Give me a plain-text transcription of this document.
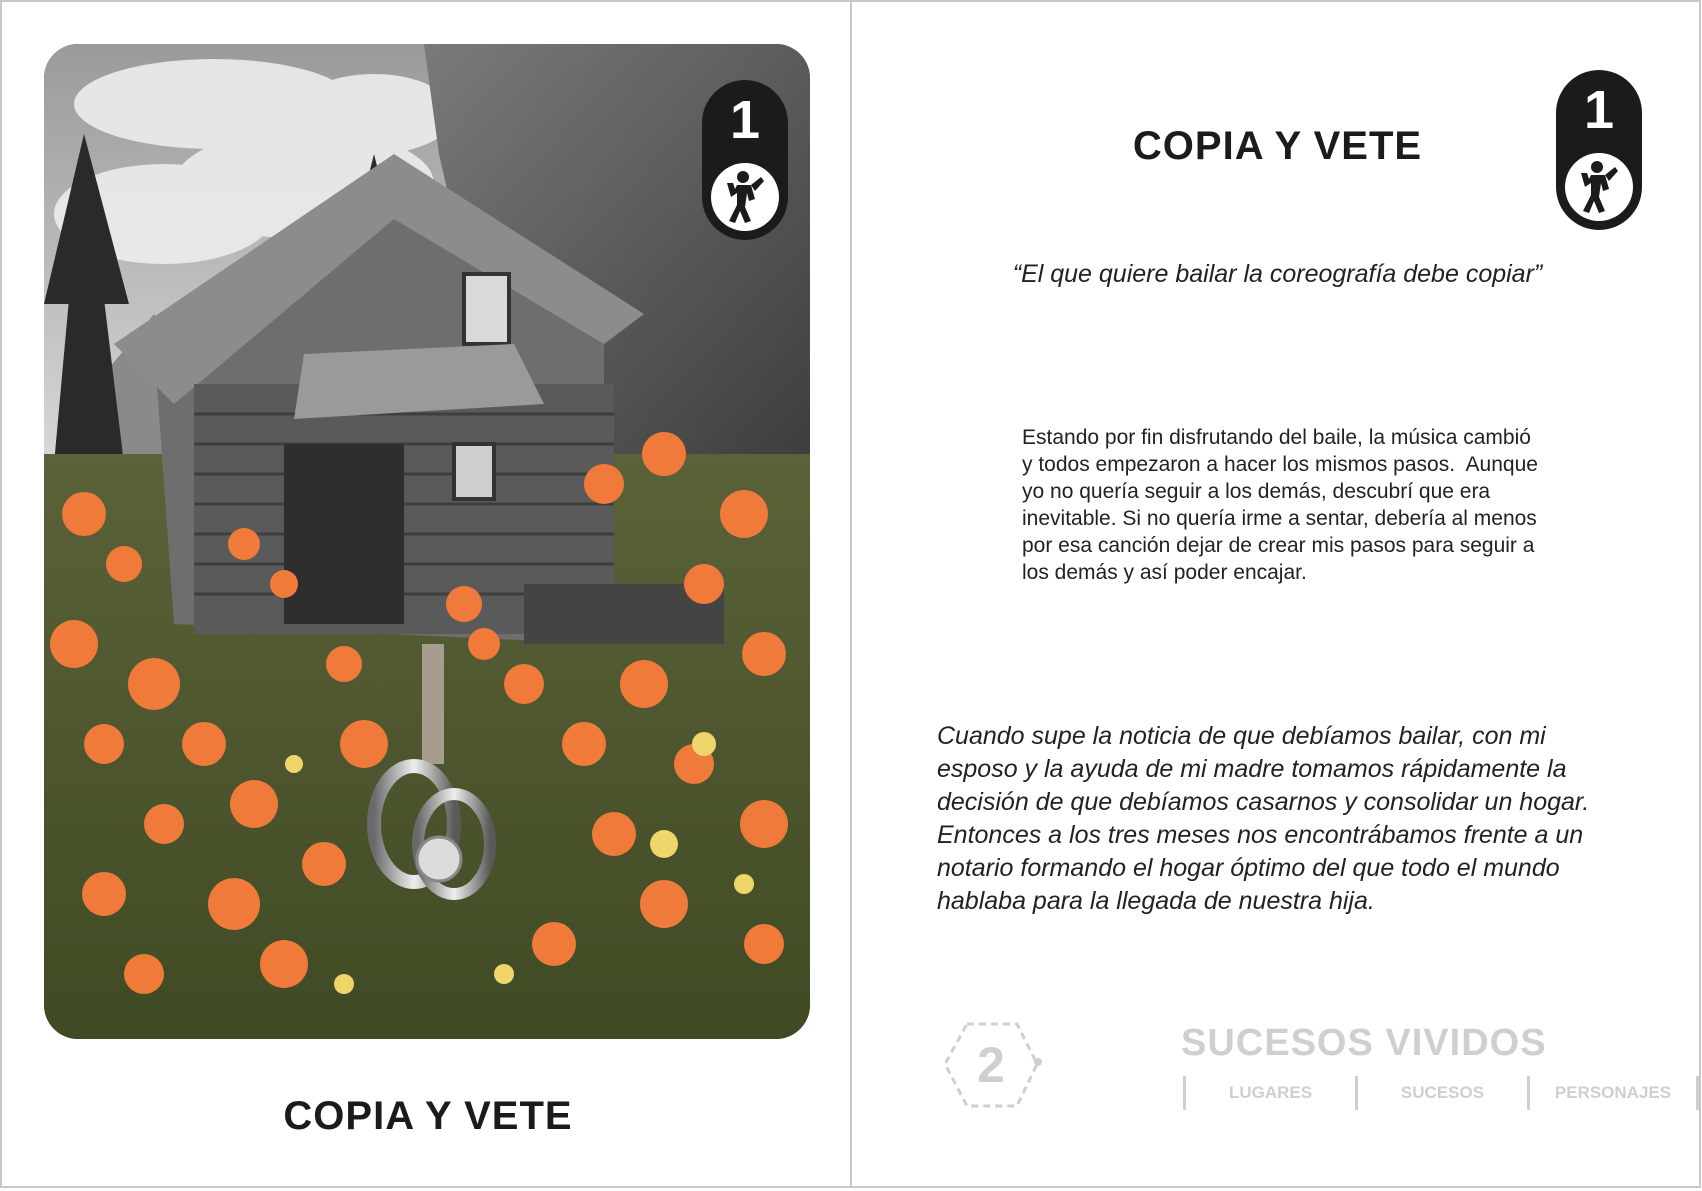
1
COPIA Y VETE
COPIA Y VETE
1
“El que quiere bailar la coreografía debe copiar”

Estando por fin disfrutando del baile, la música cambió y todos empezaron a hacer los mismos pasos.  Aunque yo no quería seguir a los demás, descubrí que era inevitable. Si no quería irme a sentar, debería al menos por esa canción dejar de crear mis pasos para seguir a los demás y así poder encajar.

Cuando supe la noticia de que debíamos bailar, con mi esposo y la ayuda de mi madre tomamos rápidamente la decisión de que debíamos casarnos y consolidar un hogar. Entonces a los tres meses nos encontrábamos frente a un notario formando el hogar óptimo del que todo el mundo hablaba para la llegada de nuestra hija.
2	SUCESOS VIVIDOS
LUGARES	SUCESOS	PERSONAJES
